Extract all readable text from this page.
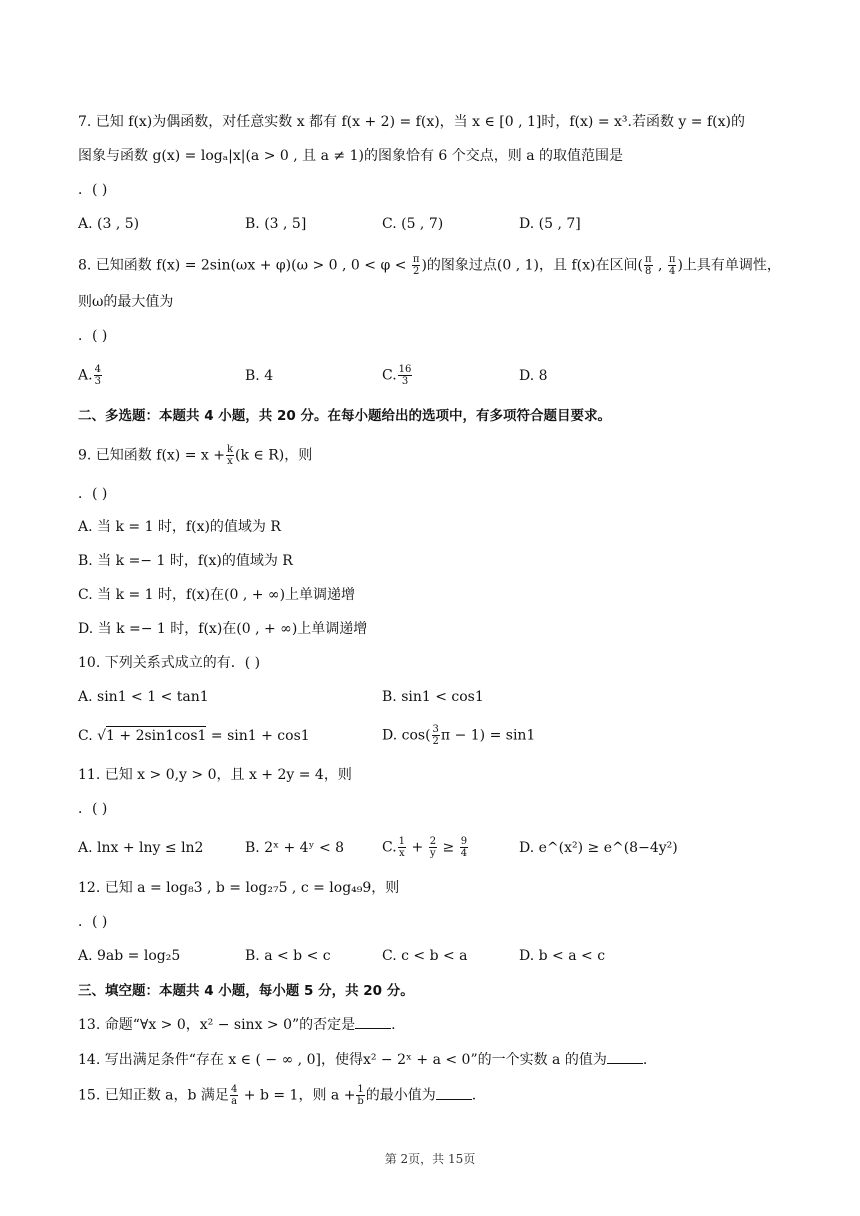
7. 已知 f(x)为偶函数，对任意实数 x 都有 f(x + 2) = f(x)，当 x ∈ [0 , 1]时，f(x) = x³.若函数 y = f(x)的
图象与函数 g(x) = logₐ|x|(a > 0 , 且 a ≠ 1)的图象恰有 6 个交点，则 a 的取值范围是
．( )
A. (3 , 5)	B. (3 , 5]	C. (5 , 7)	D. (5 , 7]
8. 已知函数 f(x) = 2sin(ωx + φ)(ω > 0 , $0 < \varphi < \frac{\pi}{2}$ )的图象过点(0 , 1)，且 f(x)在区间( $\frac{\pi}{8}$ , $\frac{\pi}{4}$ )上具有单调性，
则ω的最大值为
．( )
A. $\frac{4}{3}$	B. 4	C. $\frac{16}{3}$	D. 8
二、多选题：本题共 4 小题，共 20 分。在每小题给出的选项中，有多项符合题目要求。
9. 已知函数 $f(x) = x + \frac{k}{x} (k$ ∈ R)，则
．( )
A. 当 k = 1 时，f(x)的值域为 R
B. 当 k =− 1 时，f(x)的值域为 R
C. 当 k = 1 时，f(x)在(0 , + ∞)上单调递增
D. 当 k =− 1 时，f(x)在(0 , + ∞)上单调递增
10. 下列关系式成立的有．( )
A. sin1 < 1 < tan1	B. sin1 < cos1
C. √1 + 2sin1cos1 = sin1 + cos1	D. $\cos( \frac{3}{2}$ π − 1) = sin1
11. 已知 x > 0,y > 0，且 x + 2y = 4，则
．( )
A. lnx + lny ≤ ln2	B. 2ˣ + 4ʸ < 8	C. $\frac{1}{x} + \frac{2}{y} \ge \frac{9}{4}$	D. e^(x²) ≥ e^(8−4y²)
12. 已知 a = log₈3 , b = log₂₇5 , c = log₄₉9，则
．( )
A. 9ab = log₂5	B. a < b < c	C. c < b < a	D. b < a < c
三、填空题：本题共 4 小题，每小题 5 分，共 20 分。
13. 命题“∀x > 0，x² − sinx > 0”的否定是	.
14. 写出满足条件“存在 x ∈ ( − ∞ , 0]，使得x² − 2ˣ + a < 0”的一个实数 a 的值为	.
15. 已知正数 a，b 满足 $\frac{4}{a} + b = 1$，则 $a + \frac{1}{b}$ 的最小值为	.
第 2页，共 15页
